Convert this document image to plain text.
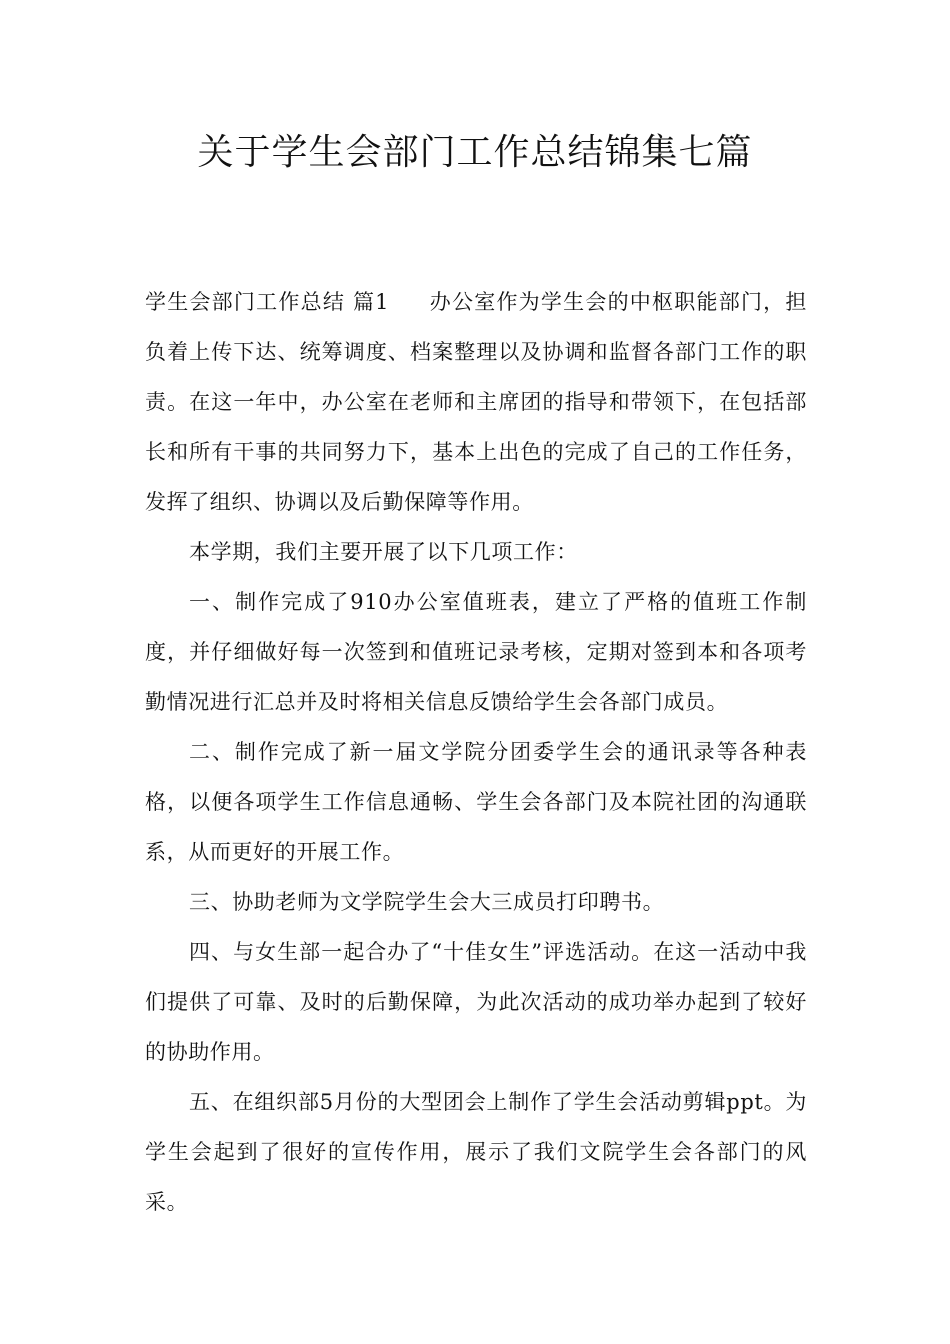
关于学生会部门工作总结锦集七篇

学生会部门工作总结 篇1 办公室作为学生会的中枢职能部门，担负着上传下达、统筹调度、档案整理以及协调和监督各部门工作的职责。在这一年中，办公室在老师和主席团的指导和带领下，在包括部长和所有干事的共同努力下，基本上出色的完成了自己的工作任务，发挥了组织、协调以及后勤保障等作用。

本学期，我们主要开展了以下几项工作：

一、制作完成了910办公室值班表，建立了严格的值班工作制度，并仔细做好每一次签到和值班记录考核，定期对签到本和各项考勤情况进行汇总并及时将相关信息反馈给学生会各部门成员。

二、制作完成了新一届文学院分团委学生会的通讯录等各种表格，以便各项学生工作信息通畅、学生会各部门及本院社团的沟通联系，从而更好的开展工作。

三、协助老师为文学院学生会大三成员打印聘书。

四、与女生部一起合办了“十佳女生”评选活动。在这一活动中我们提供了可靠、及时的后勤保障，为此次活动的成功举办起到了较好的协助作用。

五、在组织部5月份的大型团会上制作了学生会活动剪辑ppt。为学生会起到了很好的宣传作用，展示了我们文院学生会各部门的风采。
